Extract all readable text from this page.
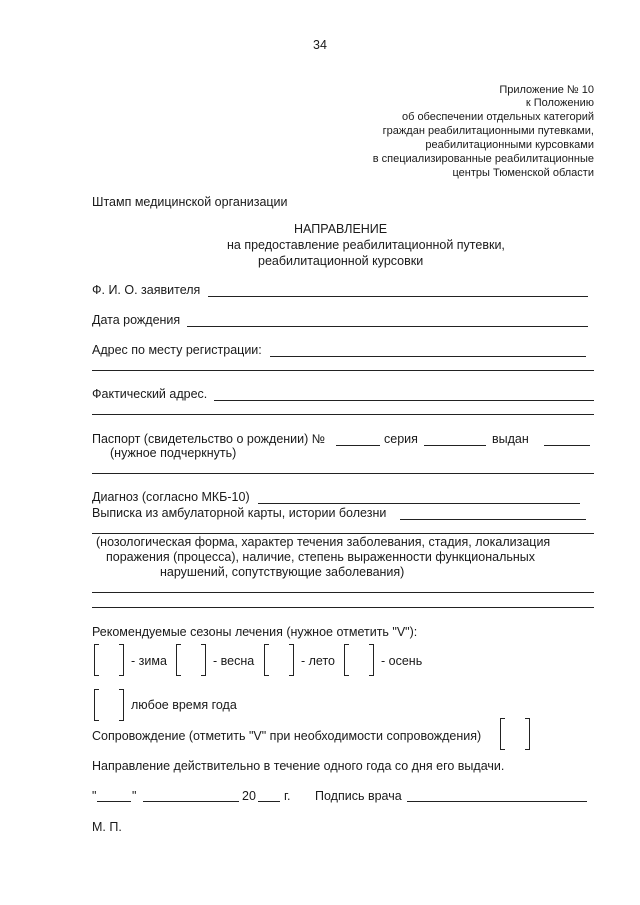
34
Приложение № 10
к Положению
об обеспечении отдельных категорий
граждан реабилитационными путевками,
реабилитационными курсовками
в специализированные реабилитационные
центры Тюменской области
Штамп медицинской организации
НАПРАВЛЕНИЕ
на предоставление реабилитационной путевки,
реабилитационной курсовки
Ф. И. О. заявителя
Дата рождения
Адрес по месту регистрации:
Фактический адрес.
Паспорт (свидетельство о рождении) №	серия	выдан
(нужное подчеркнуть)
Диагноз (согласно МКБ-10)
Выписка из амбулаторной карты, истории болезни
(нозологическая форма, характер течения заболевания, стадия, локализация
поражения (процесса), наличие, степень выраженности функциональных
нарушений, сопутствующие заболевания)
Рекомендуемые сезоны лечения (нужное отметить "V"):
- зима	- весна	- лето	- осень
любое время года
Сопровождение (отметить "V" при необходимости сопровождения)
Направление действительно в течение одного года со дня его выдачи.
"	"	20 г. Подпись врача
М. П.
